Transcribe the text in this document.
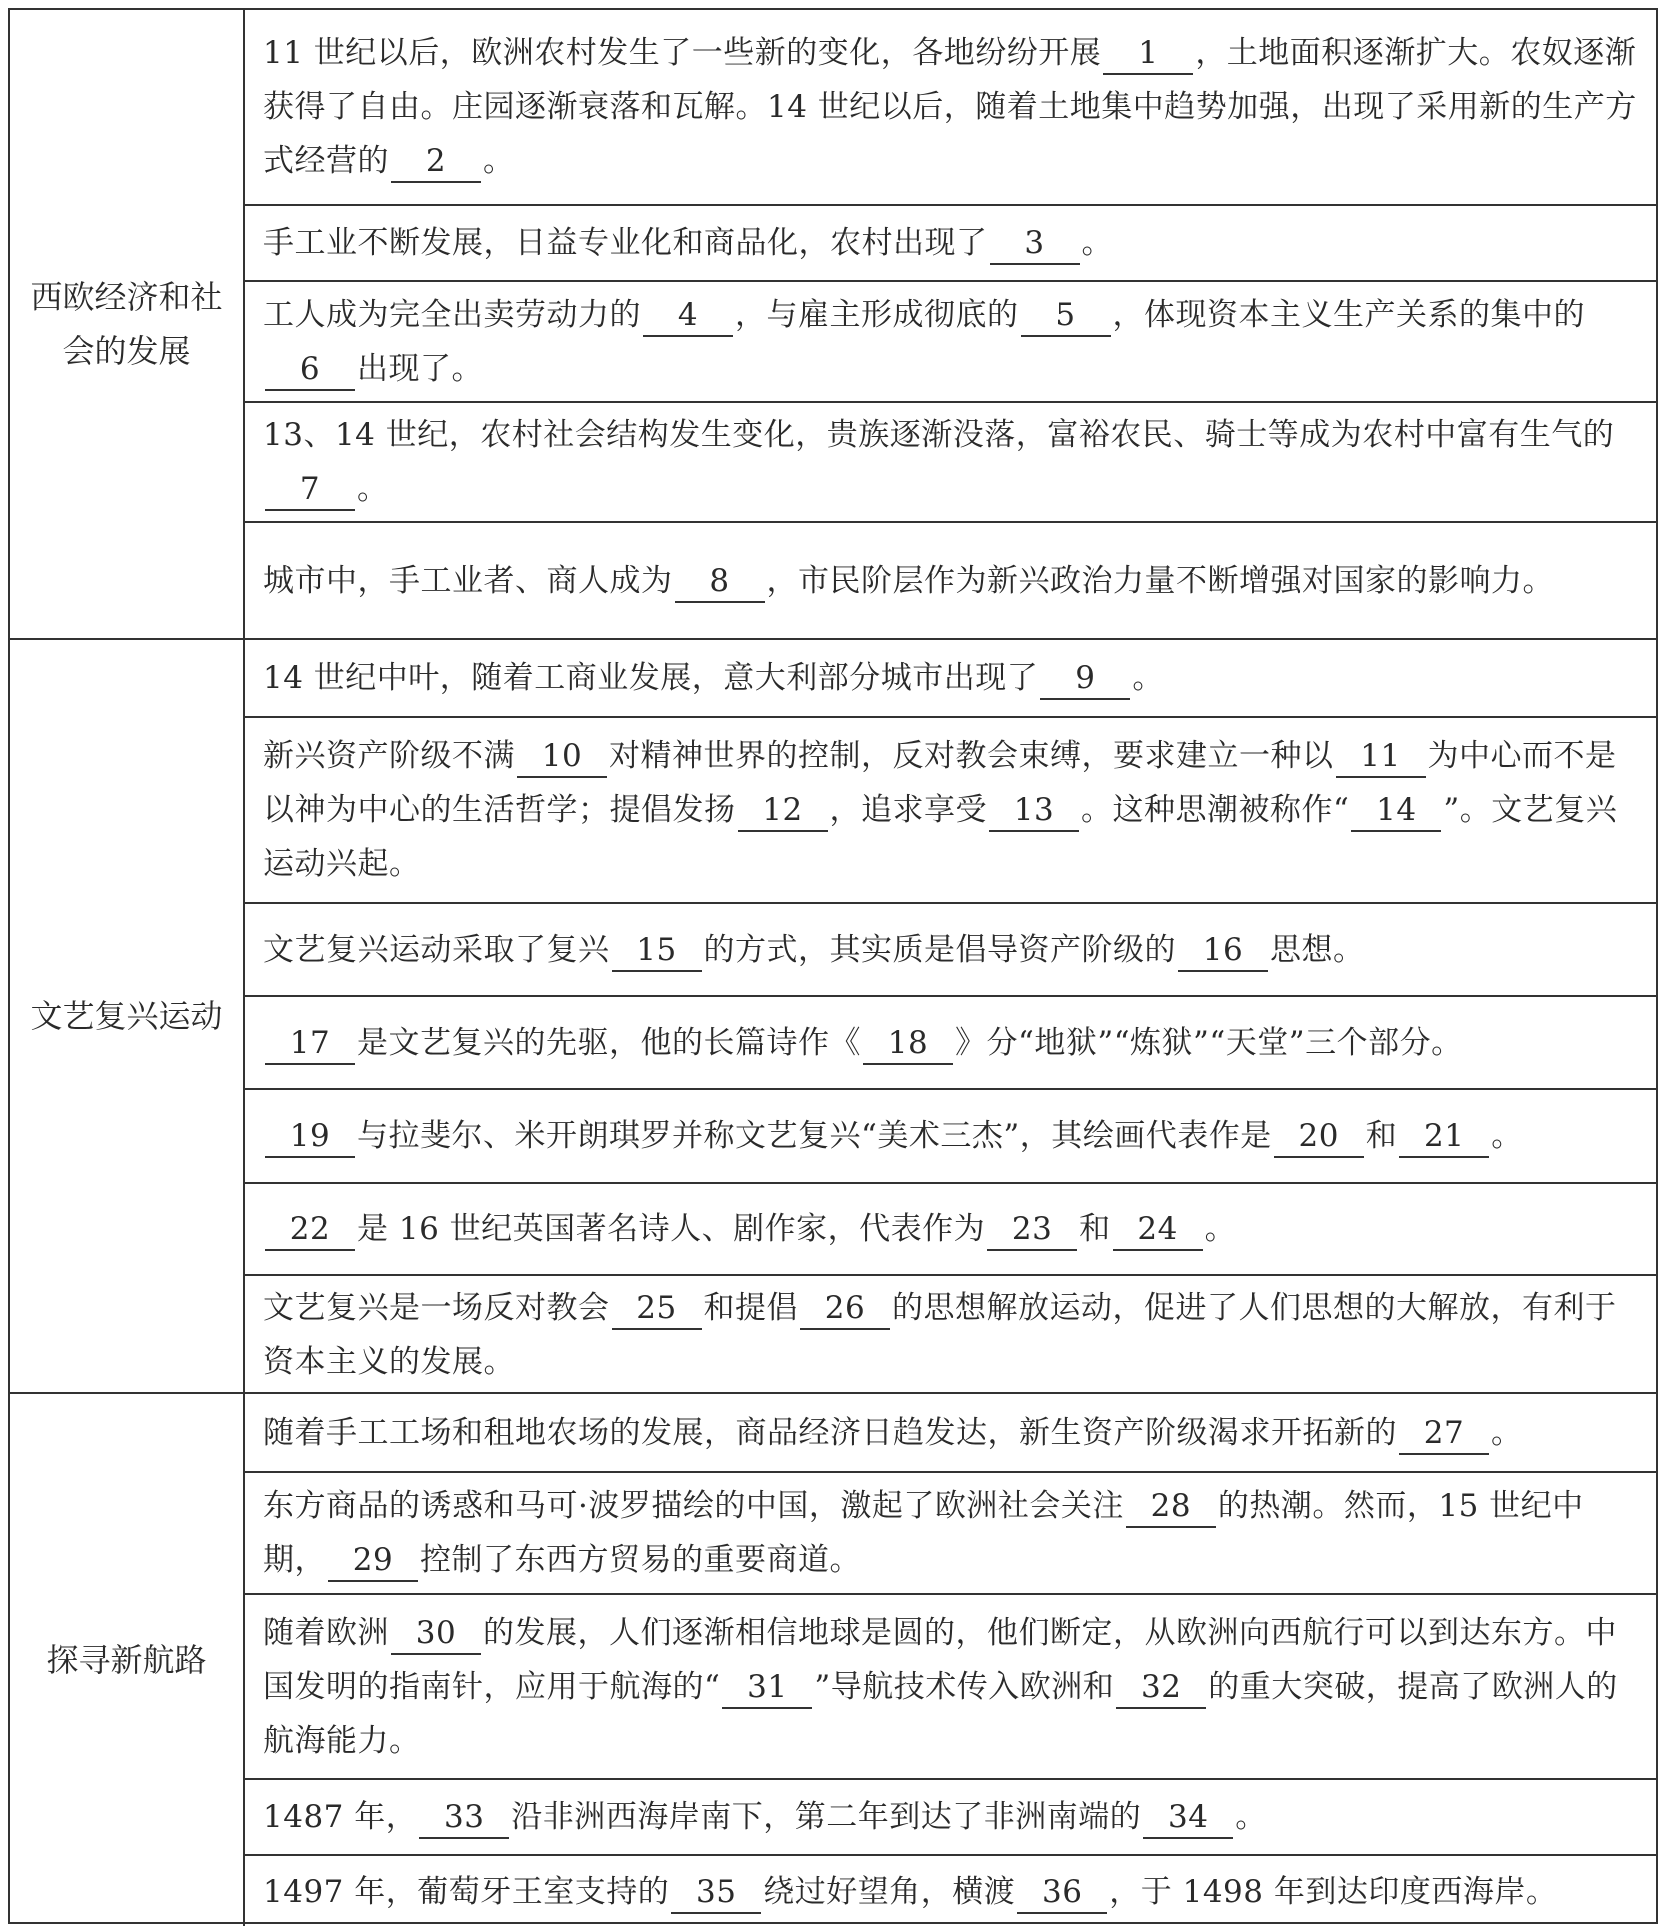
西欧经济和社会的发展

11 世纪以后，欧洲农村发生了一些新的变化，各地纷纷开展 1 ，土地面积逐渐扩大。农奴逐渐获得了自由。庄园逐渐衰落和瓦解。14 世纪以后，随着土地集中趋势加强，出现了采用新的生产方式经营的 2 。

手工业不断发展，日益专业化和商品化，农村出现了 3 。

工人成为完全出卖劳动力的 4 ，与雇主形成彻底的 5 ，体现资本主义生产关系的集中的6 出现了。

13、14 世纪，农村社会结构发生变化，贵族逐渐没落，富裕农民、骑士等成为农村中富有生气的7 。

城市中，手工业者、商人成为 8 ，市民阶层作为新兴政治力量不断增强对国家的影响力。

文艺复兴运动

14 世纪中叶，随着工商业发展，意大利部分城市出现了 9 。

新兴资产阶级不满 10 对精神世界的控制，反对教会束缚，要求建立一种以 11 为中心而不是以神为中心的生活哲学；提倡发扬 12 ，追求享受 13 。这种思潮被称作“ 14 ”。文艺复兴运动兴起。

文艺复兴运动采取了复兴 15 的方式，其实质是倡导资产阶级的 16 思想。

17 是文艺复兴的先驱，他的长篇诗作《 18 》分“地狱”“炼狱”“天堂”三个部分。

19 与拉斐尔、米开朗琪罗并称文艺复兴“美术三杰”，其绘画代表作是 20 和 21 。

22 是 16 世纪英国著名诗人、剧作家，代表作为 23 和 24 。

文艺复兴是一场反对教会 25 和提倡 26 的思想解放运动，促进了人们思想的大解放，有利于资本主义的发展。

探寻新航路

随着手工工场和租地农场的发展，商品经济日趋发达，新生资产阶级渴求开拓新的 27 。

东方商品的诱惑和马可·波罗描绘的中国，激起了欧洲社会关注 28 的热潮。然而，15 世纪中期， 29 控制了东西方贸易的重要商道。

随着欧洲 30 的发展，人们逐渐相信地球是圆的，他们断定，从欧洲向西航行可以到达东方。中国发明的指南针，应用于航海的“ 31 ”导航技术传入欧洲和 32 的重大突破，提高了欧洲人的航海能力。

1487 年， 33 沿非洲西海岸南下，第二年到达了非洲南端的 34 。

1497 年，葡萄牙王室支持的 35 绕过好望角，横渡 36 ，于 1498 年到达印度西海岸。
